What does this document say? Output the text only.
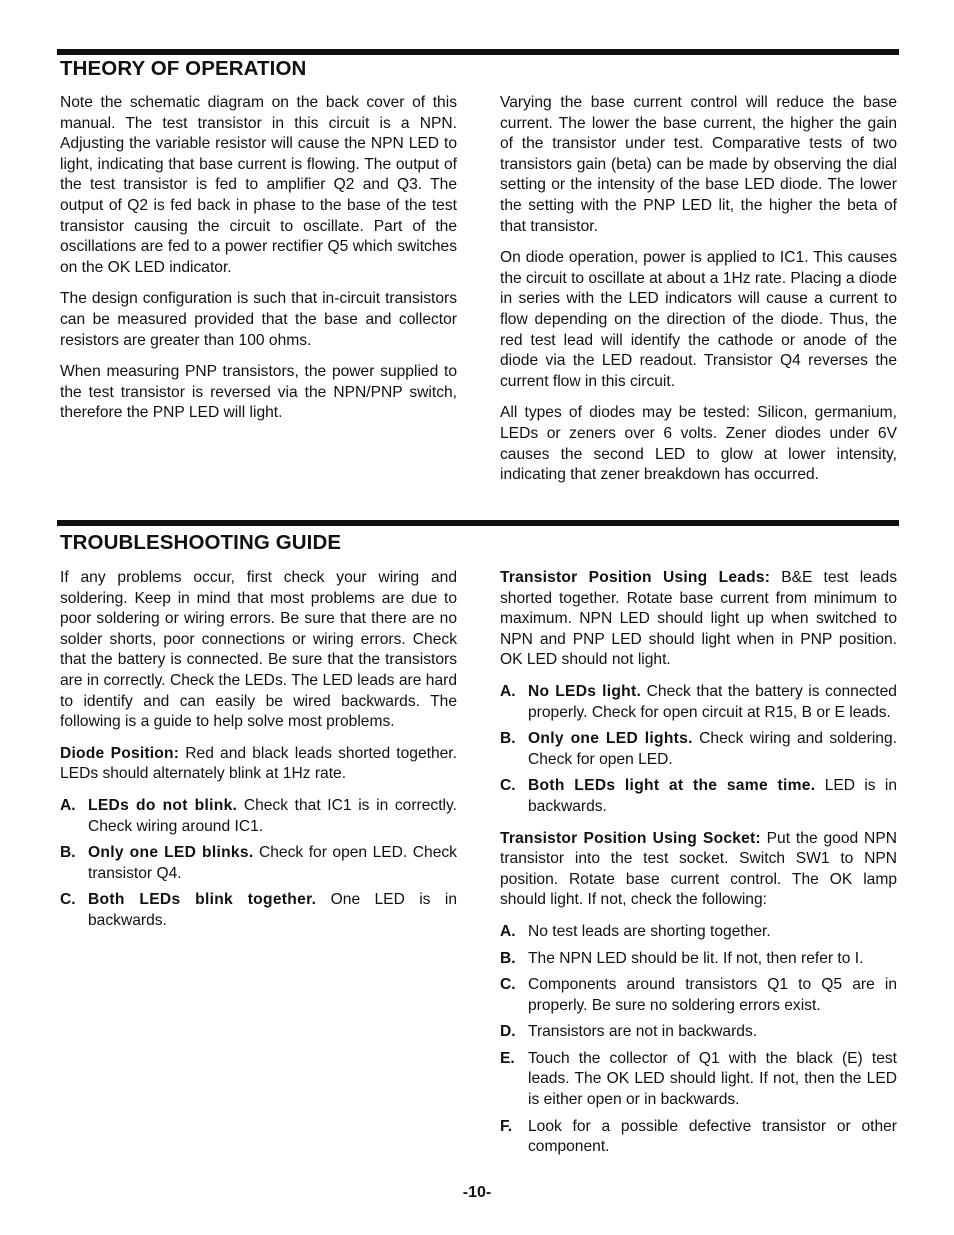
THEORY OF OPERATION

Note the schematic diagram on the back cover of this manual. The test transistor in this circuit is a NPN. Adjusting the variable resistor will cause the NPN LED to light, indicating that base current is flowing. The output of the test transistor is fed to amplifier Q2 and Q3. The output of Q2 is fed back in phase to the base of the test transistor causing the circuit to oscillate. Part of the oscillations are fed to a power rectifier Q5 which switches on the OK LED indicator.

The design configuration is such that in-circuit transistors can be measured provided that the base and collector resistors are greater than 100 ohms.

When measuring PNP transistors, the power supplied to the test transistor is reversed via the NPN/PNP switch, therefore the PNP LED will light.

Varying the base current control will reduce the base current. The lower the base current, the higher the gain of the transistor under test. Comparative tests of two transistors gain (beta) can be made by observing the dial setting or the intensity of the base LED diode. The lower the setting with the PNP LED lit, the higher the beta of that transistor.

On diode operation, power is applied to IC1. This causes the circuit to oscillate at about a 1Hz rate. Placing a diode in series with the LED indicators will cause a current to flow depending on the direction of the diode. Thus, the red test lead will identify the cathode or anode of the diode via the LED readout. Transistor Q4 reverses the current flow in this circuit.

All types of diodes may be tested: Silicon, germanium, LEDs or zeners over 6 volts. Zener diodes under 6V causes the second LED to glow at lower intensity, indicating that zener breakdown has occurred.

TROUBLESHOOTING GUIDE

If any problems occur, first check your wiring and soldering. Keep in mind that most problems are due to poor soldering or wiring errors. Be sure that there are no solder shorts, poor connections or wiring errors. Check that the battery is connected. Be sure that the transistors are in correctly. Check the LEDs. The LED leads are hard to identify and can easily be wired backwards. The following is a guide to help solve most problems.

Diode Position: Red and black leads shorted together. LEDs should alternately blink at 1Hz rate.

A. LEDs do not blink. Check that IC1 is in correctly. Check wiring around IC1.
B. Only one LED blinks. Check for open LED. Check transistor Q4.
C. Both LEDs blink together. One LED is in backwards.

Transistor Position Using Leads: B&E test leads shorted together. Rotate base current from minimum to maximum. NPN LED should light up when switched to NPN and PNP LED should light when in PNP position. OK LED should not light.

A. No LEDs light. Check that the battery is connected properly. Check for open circuit at R15, B or E leads.
B. Only one LED lights. Check wiring and soldering. Check for open LED.
C. Both LEDs light at the same time. LED is in backwards.

Transistor Position Using Socket: Put the good NPN transistor into the test socket. Switch SW1 to NPN position. Rotate base current control. The OK lamp should light. If not, check the following:

A. No test leads are shorting together.
B. The NPN LED should be lit. If not, then refer to I.
C. Components around transistors Q1 to Q5 are in properly. Be sure no soldering errors exist.
D. Transistors are not in backwards.
E. Touch the collector of Q1 with the black (E) test leads. The OK LED should light. If not, then the LED is either open or in backwards.
F. Look for a possible defective transistor or other component.
-10-
